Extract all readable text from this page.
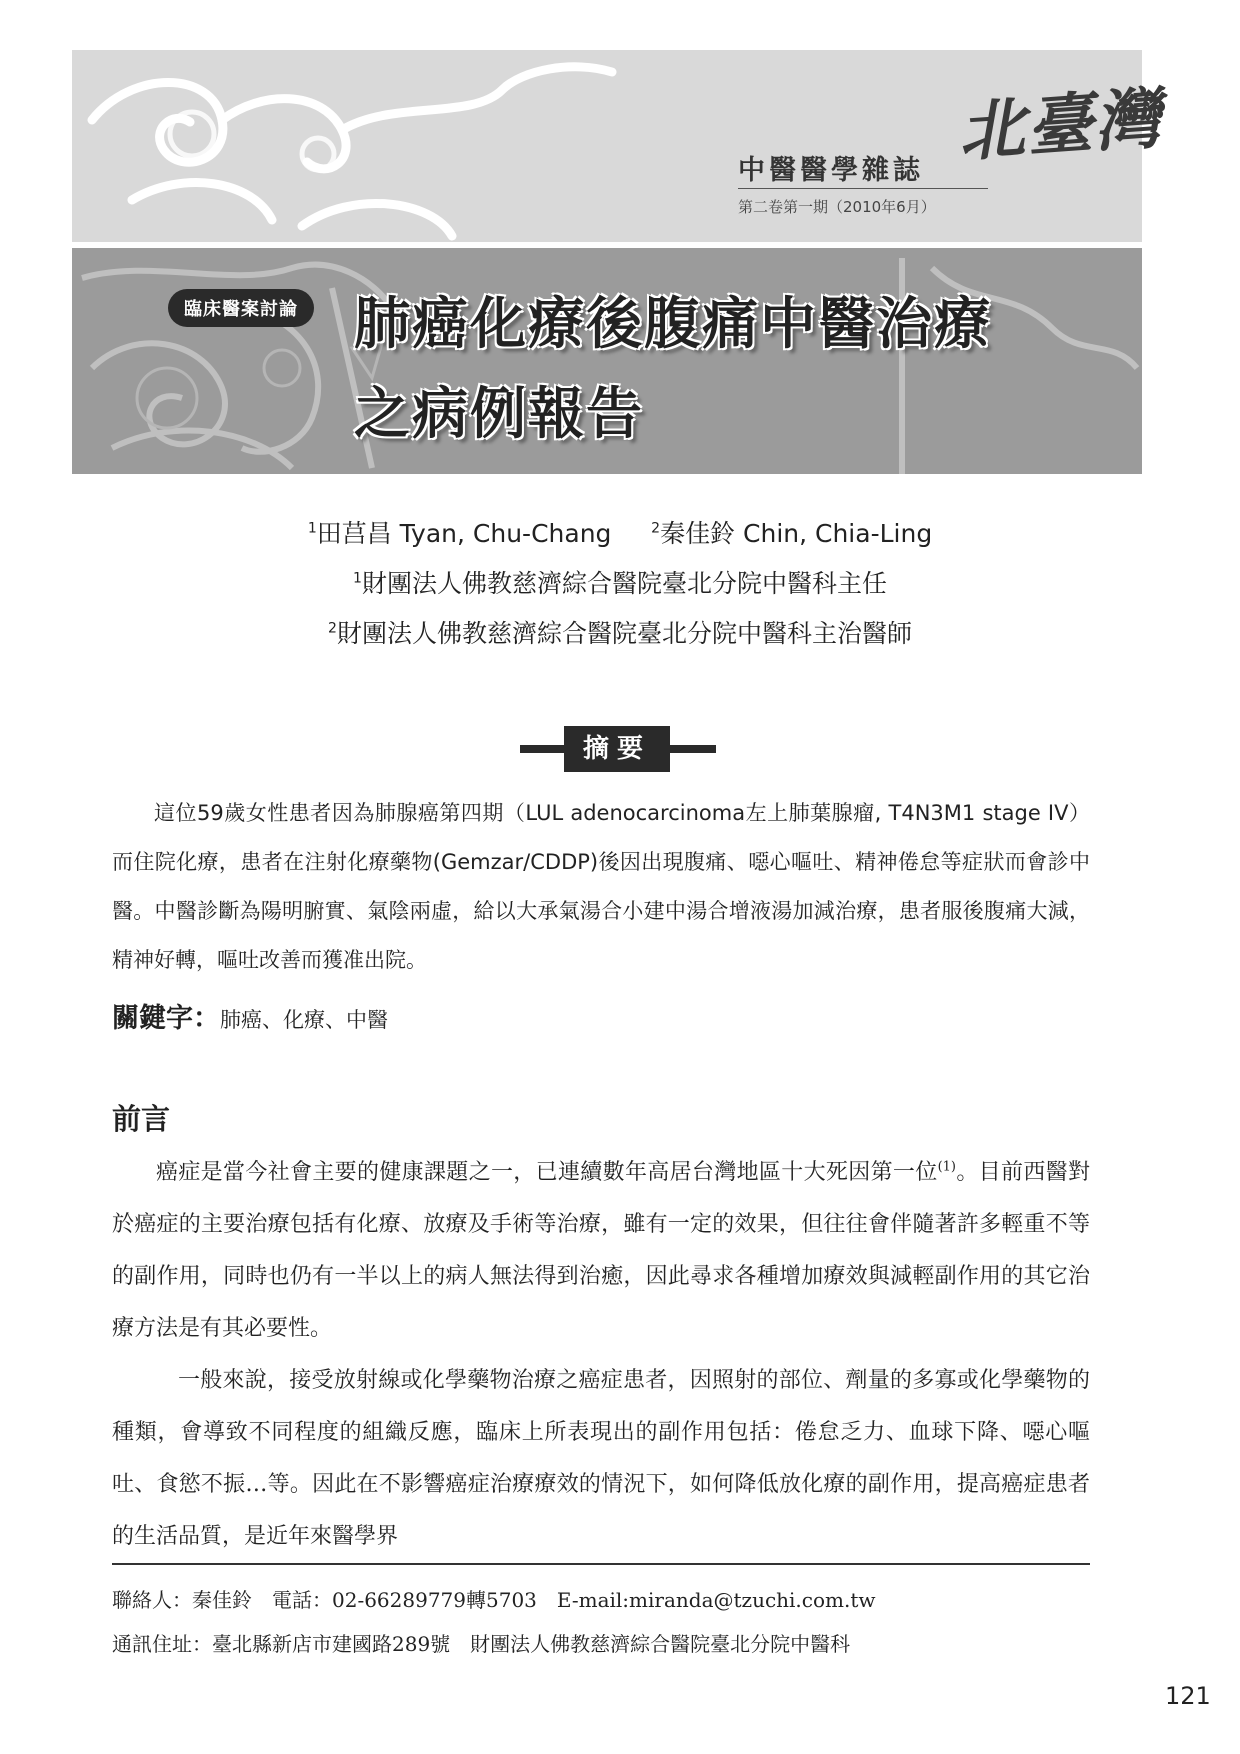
北臺灣
中醫醫學雜誌
第二卷第一期（2010年6月）
臨床醫案討論 肺癌化療後腹痛中醫治療
之病例報告
$^1$田莒昌 Tyan, Chu-Chang	$^2$秦佳鈴 Chin, Chia-Ling
$^1$財團法人佛教慈濟綜合醫院臺北分院中醫科主任
$^2$財團法人佛教慈濟綜合醫院臺北分院中醫科主治醫師
摘要

這位59歲女性患者因為肺腺癌第四期（LUL adenocarcinoma左上肺葉腺瘤, T4N3M1 stage IV）而住院化療，患者在注射化療藥物(Gemzar/CDDP)後因出現腹痛、噁心嘔吐、精神倦怠等症狀而會診中醫。中醫診斷為陽明腑實、氣陰兩虛，給以大承氣湯合小建中湯合增液湯加減治療，患者服後腹痛大減，精神好轉，嘔吐改善而獲准出院。

關鍵字：肺癌、化療、中醫
前言

癌症是當今社會主要的健康課題之一，已連續數年高居台灣地區十大死因第一位$^{(1)}$。目前西醫對於癌症的主要治療包括有化療、放療及手術等治療，雖有一定的效果，但往往會伴隨著許多輕重不等的副作用，同時也仍有一半以上的病人無法得到治癒，因此尋求各種增加療效與減輕副作用的其它治療方法是有其必要性。

一般來說，接受放射線或化學藥物治療之癌症患者，因照射的部位、劑量的多寡或化學藥物的種類，會導致不同程度的組織反應，臨床上所表現出的副作用包括：倦怠乏力、血球下降、噁心嘔吐、食慾不振…等。因此在不影響癌症治療療效的情況下，如何降低放化療的副作用，提高癌症患者的生活品質，是近年來醫學界

聯絡人：秦佳鈴　電話：02-66289779轉5703　E-mail:miranda@tzuchi.com.tw
通訊住址：臺北縣新店市建國路289號　財團法人佛教慈濟綜合醫院臺北分院中醫科
121
